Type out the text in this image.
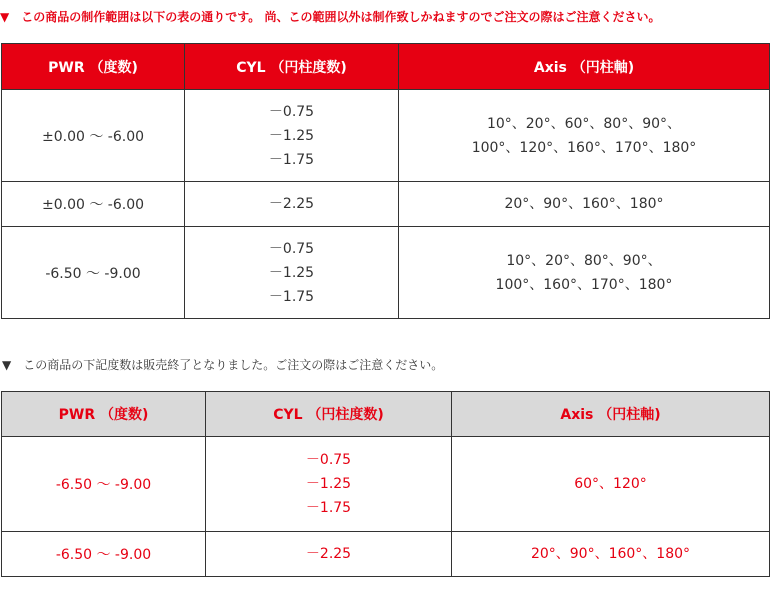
▼ この商品の制作範囲は以下の表の通りです。 尚、この範囲以外は制作致しかねますのでご注文の際はご注意ください。
PWR （度数)	CYL （円柱度数)	Axis （円柱軸)
±0.00 〜 -6.00	－0.75
－1.25
－1.75	10°、20°、60°、80°、90°、
100°、120°、160°、170°、180°

±0.00 〜 -6.00	－2.25	20°、90°、160°、180°

-6.50 〜 -9.00	－0.75
－1.25
－1.75	10°、20°、80°、90°、
100°、160°、170°、180°
▼ この商品の下記度数は販売終了となりました。ご注文の際はご注意ください。
PWR （度数)	CYL （円柱度数)	Axis （円柱軸)
-6.50 〜 -9.00	－0.75
－1.25
－1.75	60°、120°

-6.50 〜 -9.00	－2.25	20°、90°、160°、180°
